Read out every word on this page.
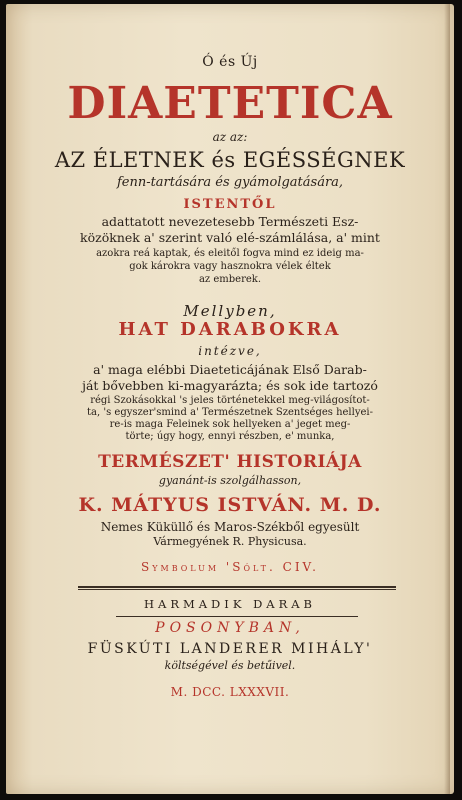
Ó és Új
DIAETETICA
az az:
AZ ÉLETNEK és EGÉSSÉGNEK
fenn-tartására és gyámolgatására,
ISTENTŐL
adattatott nevezetesebb Természeti Esz-
közöknek a' szerint való elé-számlálása, a' mint
azokra reá kaptak, és eleitől fogva mind ez ideig ma-
gok károkra vagy hasznokra vélek éltek
az emberek.
Mellyben,
HAT DARABOKRA
intézve,
a' maga elébbi Diaeteticájának Első Darab-
ját bővebben ki-magyarázta; és sok ide tartozó
régi Szokásokkal 's jeles történetekkel meg-világosítot-
ta, 's egyszer'smind a' Természetnek Szentséges hellyei-
re-is maga Feleinek sok hellyeken a' jeget meg-
TERMÉSZET' HISTORIÁJA
törte; úgy hogy, ennyi részben, e' munka,
gyanánt-is szolgálhasson,
K. MÁTYUS ISTVÁN. M. D.
Nemes Küküllő és Maros-Székből egyesült
Vármegyének R. Physicusa.
Symbolum 'Sólt. CIV.
HARMADIK DARAB
POSONYBAN,
FÜSKÚTI LANDERER MIHÁLY'
költségével és betűivel.
M. DCC. LXXXVII.
